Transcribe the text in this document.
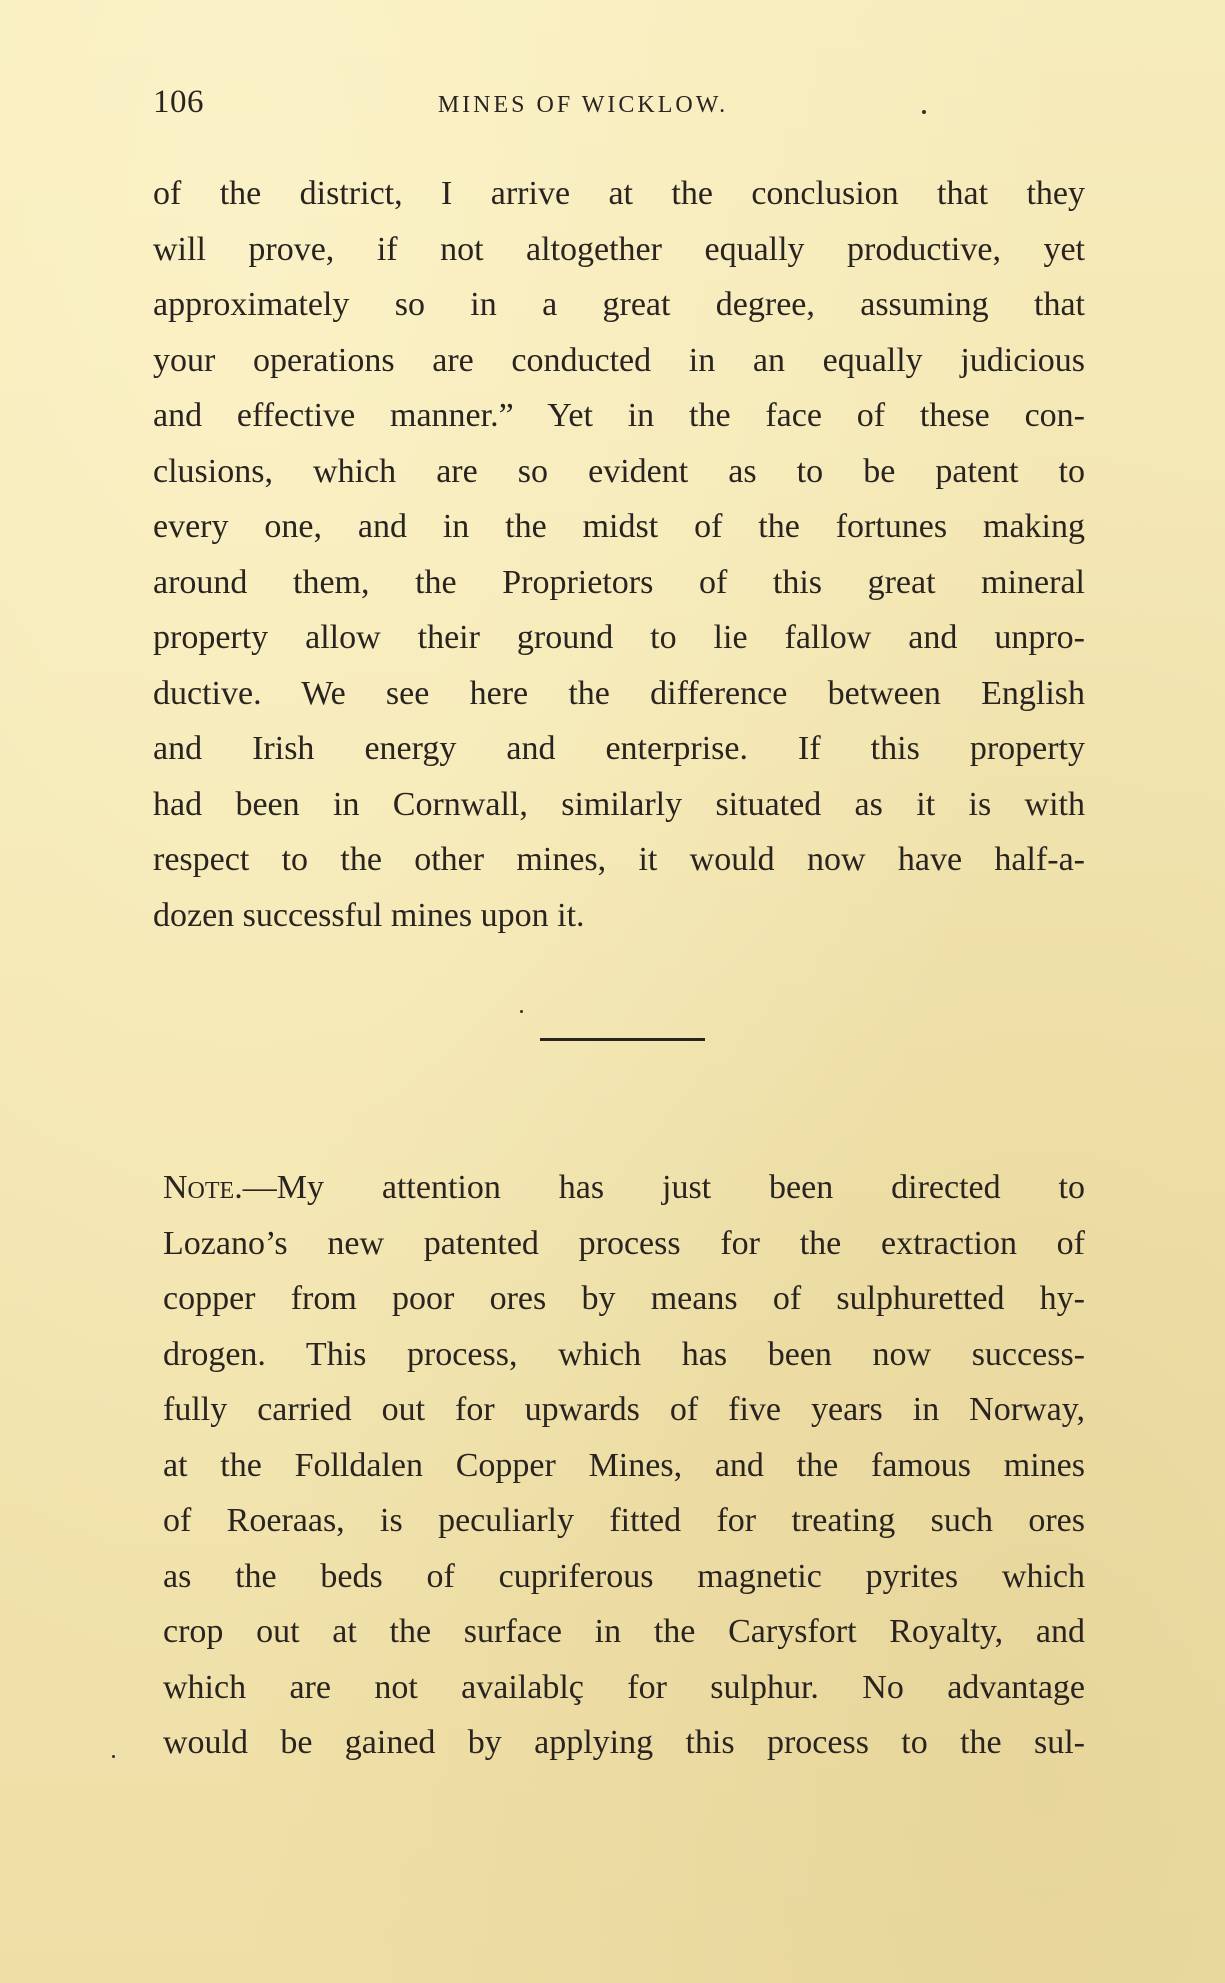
106	MINES OF WICKLOW.
of the district, I arrive at the conclusion that they
will prove, if not altogether equally productive, yet
approximately so in a great degree, assuming that
your operations are conducted in an equally judicious
and effective manner.” Yet in the face of these con-
clusions, which are so evident as to be patent to
every one, and in the midst of the fortunes making
around them, the Proprietors of this great mineral
property allow their ground to lie fallow and unpro-
ductive. We see here the difference between English
and Irish energy and enterprise. If this property
had been in Cornwall, similarly situated as it is with
respect to the other mines, it would now have half-a-
dozen successful mines upon it.
Note.—My attention has just been directed to
Lozano’s new patented process for the extraction of
copper from poor ores by means of sulphuretted hy-
drogen. This process, which has been now success-
fully carried out for upwards of five years in Norway,
at the Folldalen Copper Mines, and the famous mines
of Roeraas, is peculiarly fitted for treating such ores
as the beds of cupriferous magnetic pyrites which
crop out at the surface in the Carysfort Royalty, and
which are not availablç for sulphur. No advantage
would be gained by applying this process to the sul-
